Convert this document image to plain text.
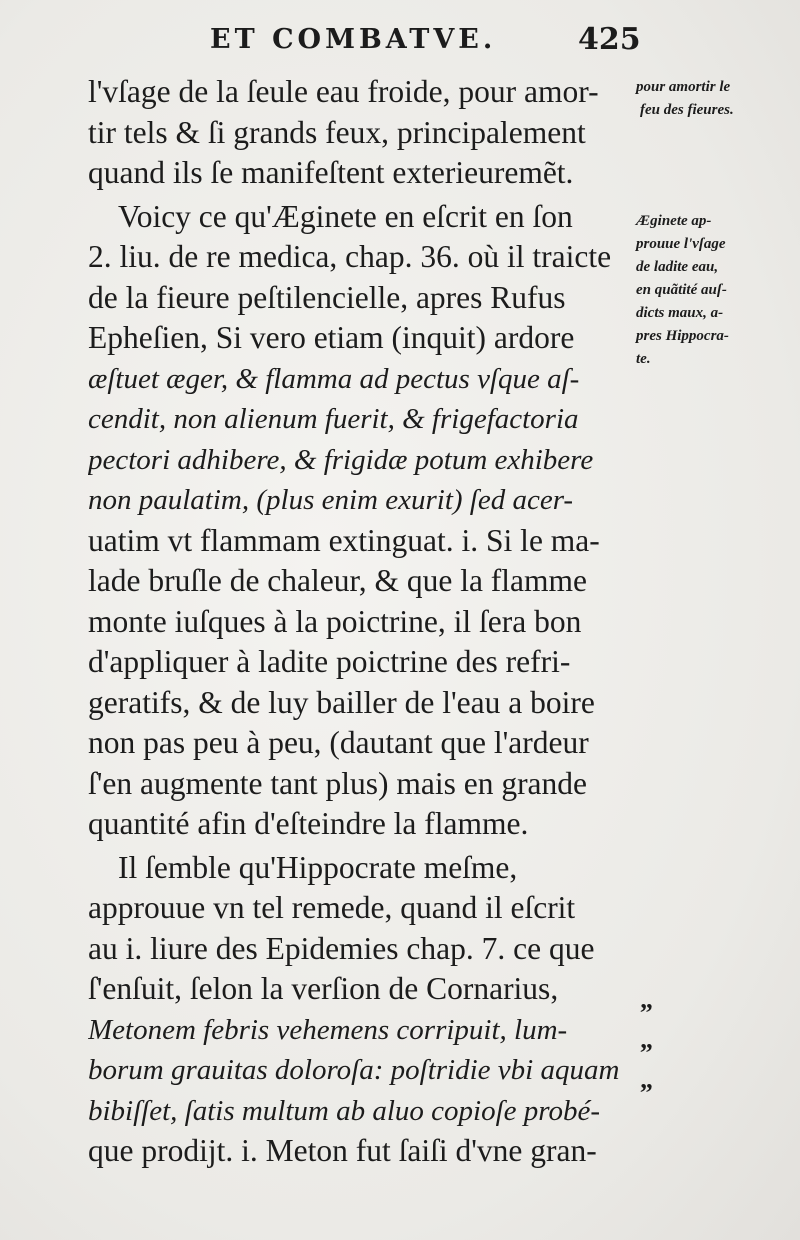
ET COMBATVE.	425
l'vſage de la ſeule eau froide, pour amor-
tir tels & ſi grands feux, principalement
quand ils ſe manifeſtent exterieuremẽt.
Voicy ce qu'Æginete en eſcrit en ſon
2. liu. de re medica, chap. 36. où il traicte
de la fieure peſtilencielle, apres Rufus
Epheſien, Si vero etiam (inquit) ardore
æſtuet æger, & flamma ad pectus vſque aſ-
cendit, non alienum fuerit, & frigefactoria
pectori adhibere, & frigidæ potum exhibere
non paulatim, (plus enim exurit) ſed acer-
uatim vt flammam extinguat. i. Si le ma-
lade bruſle de chaleur, & que la flamme
monte iuſques à la poictrine, il ſera bon
d'appliquer à ladite poictrine des refri-
geratifs, & de luy bailler de l'eau a boire
non pas peu à peu, (dautant que l'ardeur
ſ'en augmente tant plus) mais en grande
quantité afin d'eſteindre la flamme.
Il ſemble qu'Hippocrate meſme,
approuue vn tel remede, quand il eſcrit
au i. liure des Epidemies chap. 7. ce que
ſ'enſuit, ſelon la verſion de Cornarius,
Metonem febris vehemens corripuit, lum-
borum grauitas doloroſa: poſtridie vbi aquam
bibiſſet, ſatis multum ab aluo copioſe probé-
que prodijt. i. Meton fut ſaiſi d'vne gran-
pour amortir le
feu des fieures.
Æginete ap-
prouue l'vſage
de ladite eau,
en quãtité auſ-
dicts maux, a-
pres Hippocra-
te.
„
„
„
